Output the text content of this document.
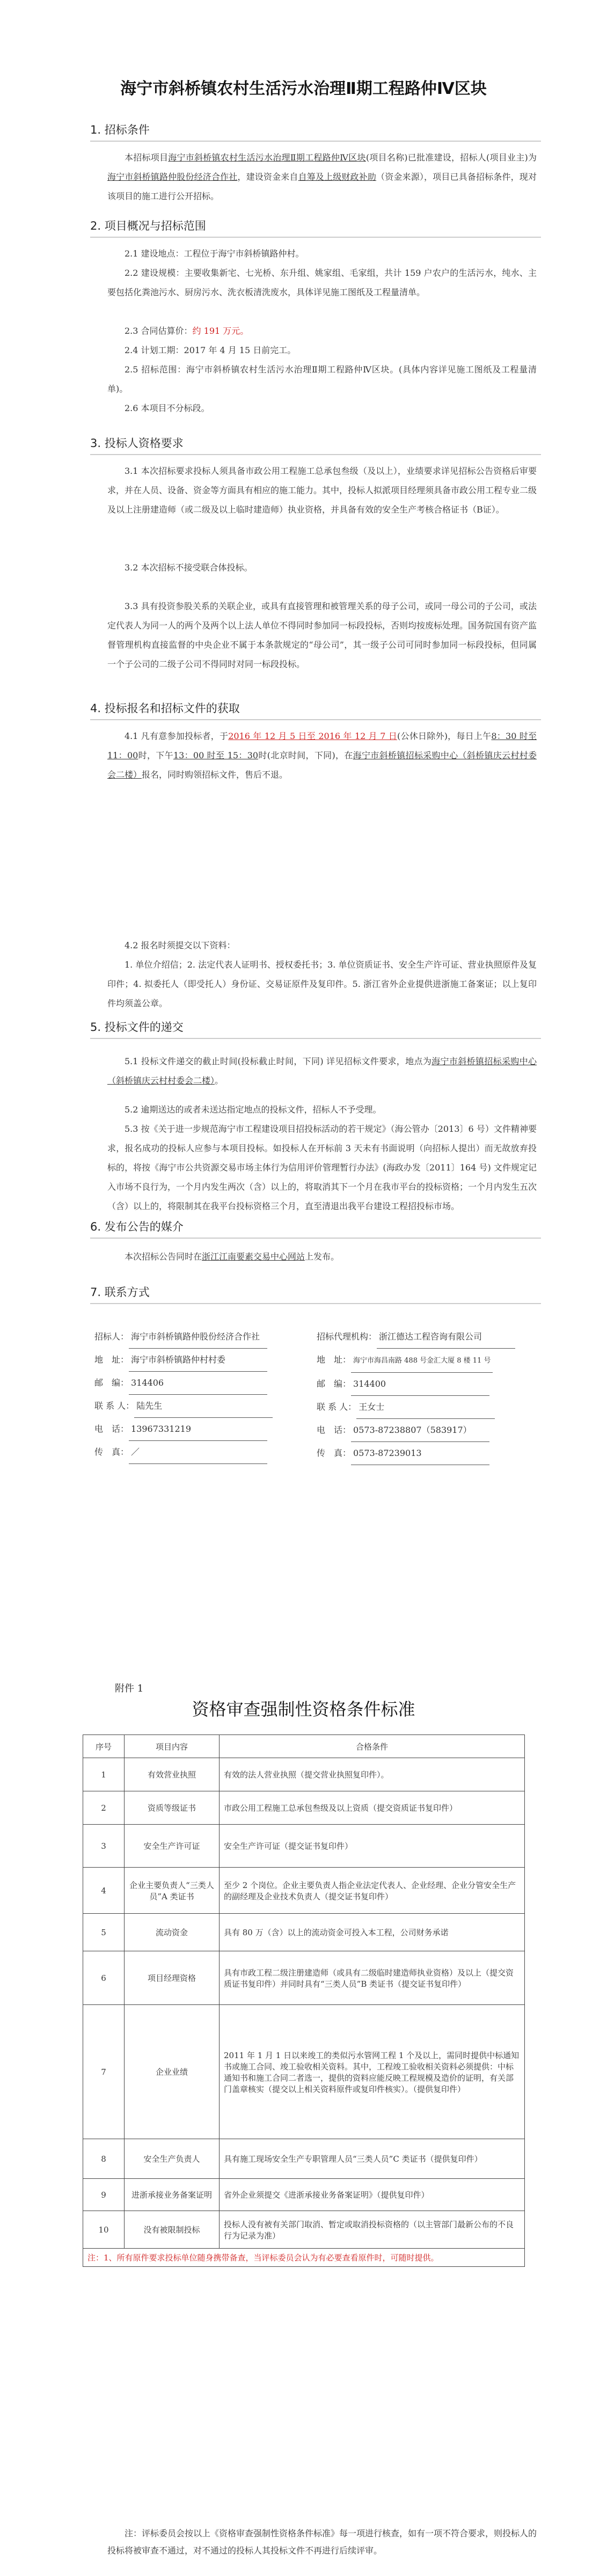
海宁市斜桥镇农村生活污水治理Ⅱ期工程路仲Ⅳ区块
1. 招标条件

本招标项目海宁市斜桥镇农村生活污水治理Ⅱ期工程路仲Ⅳ区块(项目名称)已批准建设，招标人(项目业主)为海宁市斜桥镇路仲股份经济合作社，建设资金来自自筹及上级财政补助（资金来源），项目已具备招标条件，现对该项目的施工进行公开招标。

2. 项目概况与招标范围

2.1 建设地点：工程位于海宁市斜桥镇路仲村。

2.2 建设规模：主要收集新宅、七光桥、东升组、姚家组、毛家组，共计 159 户农户的生活污水，纯水、主要包括化粪池污水、厨房污水、洗衣板清洗废水，具体详见施工图纸及工程量清单。

2.3 合同估算价：约 191 万元。

2.4 计划工期：2017 年 4 月 15 日前完工。

2.5 招标范围：海宁市斜桥镇农村生活污水治理Ⅱ期工程路仲Ⅳ区块。(具体内容详见施工图纸及工程量清单)。

2.6 本项目不分标段。

3. 投标人资格要求

3.1 本次招标要求投标人须具备市政公用工程施工总承包叁级（及以上），业绩要求详见招标公告资格后审要求，并在人员、设备、资金等方面具有相应的施工能力。其中，投标人拟派项目经理须具备市政公用工程专业二级及以上注册建造师（或二级及以上临时建造师）执业资格，并具备有效的安全生产考核合格证书（B证）。

3.2 本次招标不接受联合体投标。

3.3 具有投资参股关系的关联企业，或具有直接管理和被管理关系的母子公司，或同一母公司的子公司，或法定代表人为同一人的两个及两个以上法人单位不得同时参加同一标段投标，否则均按废标处理。国务院国有资产监督管理机构直接监督的中央企业不属于本条款规定的“母公司”，其一级子公司可同时参加同一标段投标，但同属一个子公司的二级子公司不得同时对同一标段投标。

4. 投标报名和招标文件的获取

4.1 凡有意参加投标者，于2016 年 12 月 5 日至 2016 年 12 月 7 日(公休日除外)，每日上午8：30 时至 11：00时，下午13：00 时至 15：30时(北京时间，下同)，在海宁市斜桥镇招标采购中心（斜桥镇庆云村村委会二楼）报名，同时购领招标文件，售后不退。

4.2 报名时须提交以下资料：

1. 单位介绍信；2. 法定代表人证明书、授权委托书；3. 单位资质证书、安全生产许可证、营业执照原件及复印件；4. 拟委托人（即受托人）身份证、交易证原件及复印件。5. 浙江省外企业提供进浙施工备案证；以上复印件均须盖公章。

5. 投标文件的递交

5.1 投标文件递交的截止时间(投标截止时间，下同) 详见招标文件要求，地点为海宁市斜桥镇招标采购中心（斜桥镇庆云村村委会二楼）。

5.2 逾期送达的或者未送达指定地点的投标文件，招标人不予受理。

5.3 按《关于进一步规范海宁市工程建设项目招投标活动的若干规定》（海公管办〔2013〕6 号）文件精神要求，报名成功的投标人应参与本项目投标。如投标人在开标前 3 天未有书面说明（向招标人提出）而无故放弃投标的，将按《海宁市公共资源交易市场主体行为信用评价管理暂行办法》(海政办发〔2011〕164 号) 文件规定记入市场不良行为，一个月内发生两次（含）以上的，将取消其下一个月在我市平台的投标资格；一个月内发生五次（含）以上的，将限制其在我平台投标资格三个月，直至清退出我平台建设工程招投标市场。

6. 发布公告的媒介

本次招标公告同时在浙江江南要素交易中心网站上发布。

7. 联系方式
招标人： 海宁市斜桥镇路仲股份经济合作社
地　址： 海宁市斜桥镇路仲村村委
邮　编： 314406
联 系 人： 陆先生
电　话： 13967331219
传　真： ／
招标代理机构： 浙江德达工程咨询有限公司
地　址： 海宁市海昌南路 488 号金汇大厦 8 楼 11 号
邮　编： 314400
联 系 人： 王女士
电　话： 0573-87238807（583917）
传　真： 0573-87239013
附件 1
资格审查强制性资格条件标准
序号	项目内容	合格条件
1	有效营业执照	有效的法人营业执照（提交营业执照复印件）。
2	资质等级证书	市政公用工程施工总承包叁级及以上资质（提交资质证书复印件）
3	安全生产许可证	安全生产许可证（提交证书复印件）
4	企业主要负责人“三类人员”A 类证书	至少 2 个岗位。企业主要负责人指企业法定代表人、企业经理、企业分管安全生产的副经理及企业技术负责人（提交证书复印件）
5	流动资金	具有 80 万（含）以上的流动资金可投入本工程，公司财务承诺
6	项目经理资格	具有市政工程二级注册建造师（或具有二级临时建造师执业资格）及以上（提交资质证书复印件）并同时具有“三类人员”B 类证书（提交证书复印件）
7	企业业绩	2011 年 1 月 1 日以来竣工的类似污水管网工程 1 个及以上，需同时提供中标通知书或施工合同、竣工验收相关资料。其中，工程竣工验收相关资料必须提供：中标通知书和施工合同二者选一，提供的资料应能反映工程规模及造价的证明，有关部门盖章核实（提交以上相关资料原件或复印件核实）。（提供复印件）
8	安全生产负责人	具有施工现场安全生产专职管理人员“三类人员”C 类证书（提供复印件）
9	进浙承接业务备案证明	省外企业须提交《进浙承接业务备案证明》（提供复印件）
10	没有被限制投标	投标人没有被有关部门取消、暂定或取消投标资格的（以主管部门最新公布的不良行为记录为准）
注：1、所有原件要求投标单位随身携带备查，当评标委员会认为有必要查看原件时，可随时提供。		

注：评标委员会按以上《资格审查强制性资格条件标准》每一项进行核查，如有一项不符合要求，则投标人的投标将被审查不通过，对不通过的投标人其投标文件不再进行后续评审。
